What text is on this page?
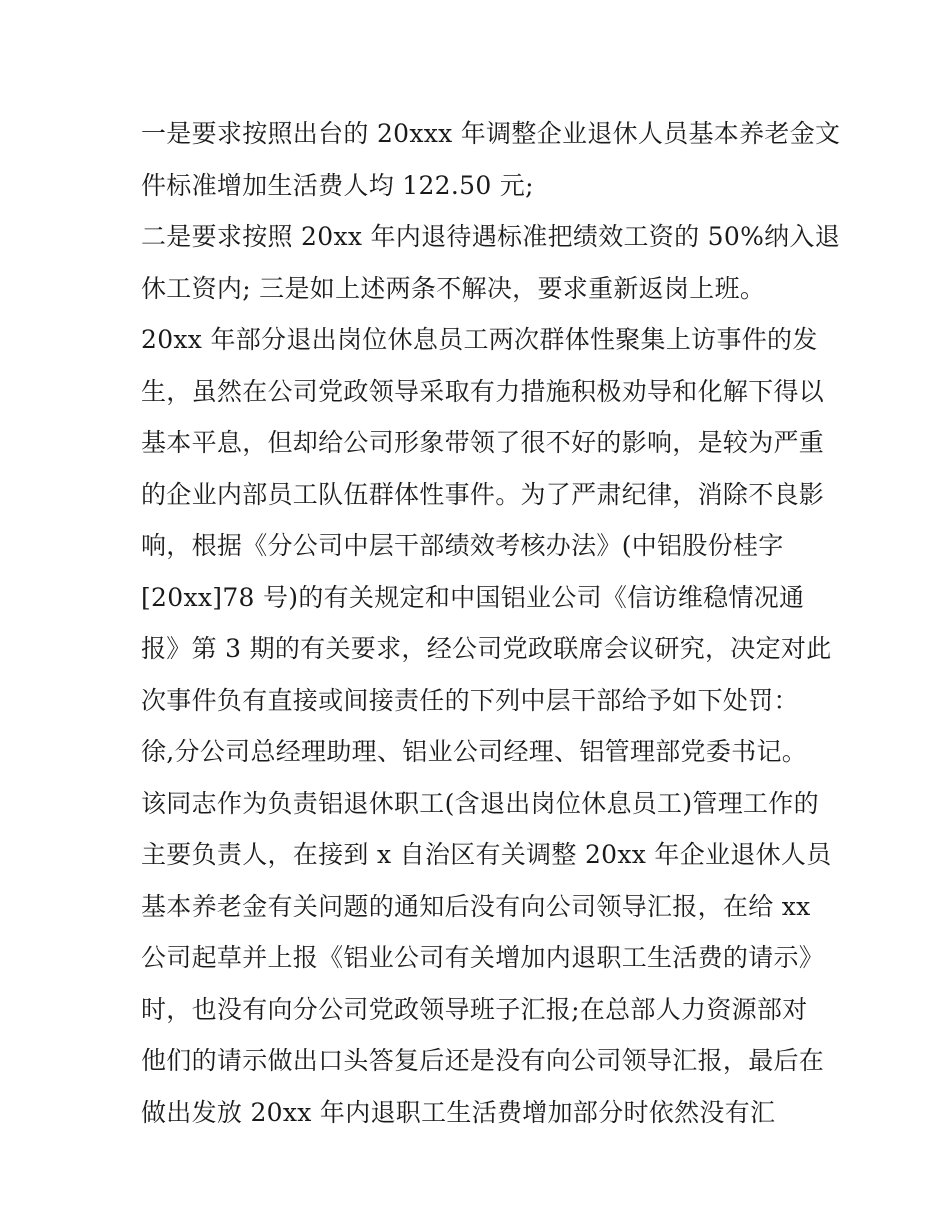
一是要求按照出台的 20xxx 年调整企业退休人员基本养老金文
件标准增加生活费人均 122.50 元;
二是要求按照 20xx 年内退待遇标准把绩效工资的 50%纳入退
休工资内; 三是如上述两条不解决，要求重新返岗上班。
20xx 年部分退出岗位休息员工两次群体性聚集上访事件的发
生，虽然在公司党政领导采取有力措施积极劝导和化解下得以
基本平息，但却给公司形象带领了很不好的影响，是较为严重
的企业内部员工队伍群体性事件。为了严肃纪律，消除不良影
响，根据《分公司中层干部绩效考核办法》(中铝股份桂字
[20xx]78 号)的有关规定和中国铝业公司《信访维稳情况通
报》第 3 期的有关要求，经公司党政联席会议研究，决定对此
次事件负有直接或间接责任的下列中层干部给予如下处罚：
徐,分公司总经理助理、铝业公司经理、铝管理部党委书记。
该同志作为负责铝退休职工(含退出岗位休息员工)管理工作的
主要负责人，在接到 x 自治区有关调整 20xx 年企业退休人员
基本养老金有关问题的通知后没有向公司领导汇报，在给 xx
公司起草并上报《铝业公司有关增加内退职工生活费的请示》
时，也没有向分公司党政领导班子汇报;在总部人力资源部对
他们的请示做出口头答复后还是没有向公司领导汇报，最后在
做出发放 20xx 年内退职工生活费增加部分时依然没有汇
